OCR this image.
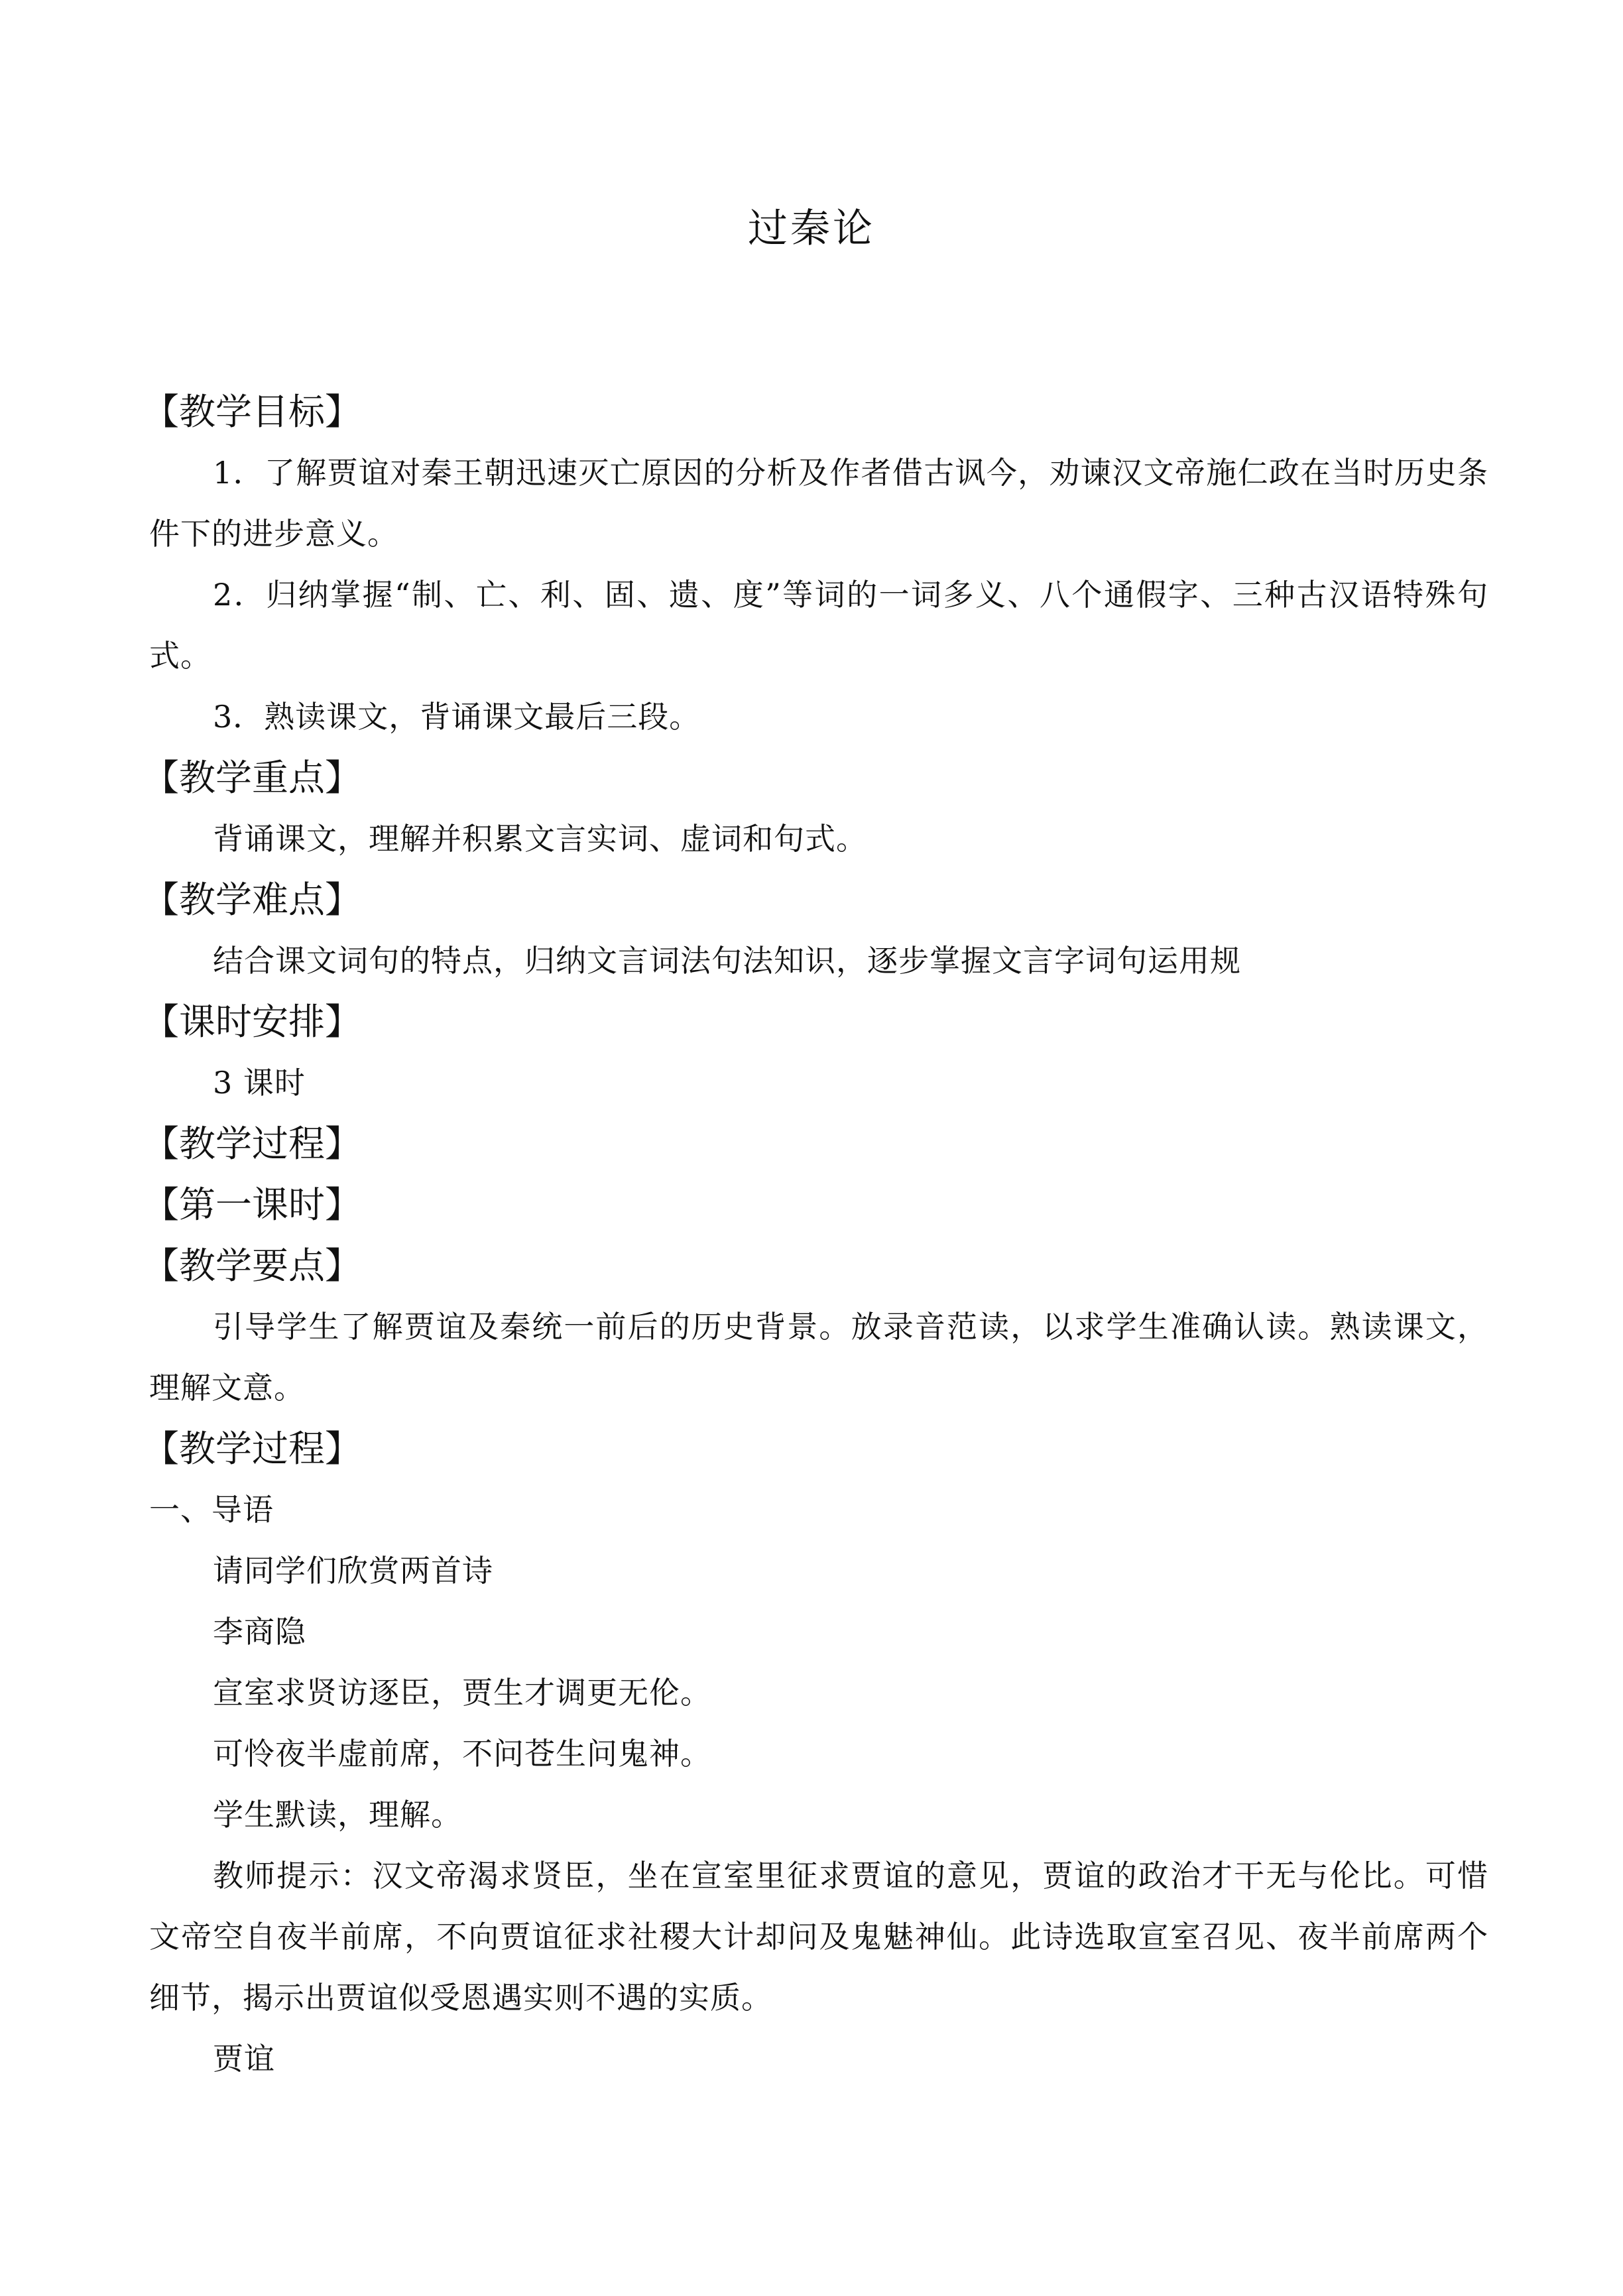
过秦论
【教学目标】
1．了解贾谊对秦王朝迅速灭亡原因的分析及作者借古讽今，劝谏汉文帝施仁政在当时历史条件下的进步意义。
2．归纳掌握“制、亡、利、固、遗、度”等词的一词多义、八个通假字、三种古汉语特殊句式。
3．熟读课文，背诵课文最后三段。
【教学重点】
背诵课文，理解并积累文言实词、虚词和句式。
【教学难点】
结合课文词句的特点，归纳文言词法句法知识，逐步掌握文言字词句运用规
【课时安排】
3 课时
【教学过程】
【第一课时】
【教学要点】
引导学生了解贾谊及秦统一前后的历史背景。放录音范读，以求学生准确认读。熟读课文，理解文意。
【教学过程】
一、导语
请同学们欣赏两首诗
李商隐
宣室求贤访逐臣，贾生才调更无伦。
可怜夜半虚前席，不问苍生问鬼神。
学生默读，理解。
教师提示：汉文帝渴求贤臣，坐在宣室里征求贾谊的意见，贾谊的政治才干无与伦比。可惜文帝空自夜半前席，不向贾谊征求社稷大计却问及鬼魅神仙。此诗选取宣室召见、夜半前席两个细节，揭示出贾谊似受恩遇实则不遇的实质。
贾谊
